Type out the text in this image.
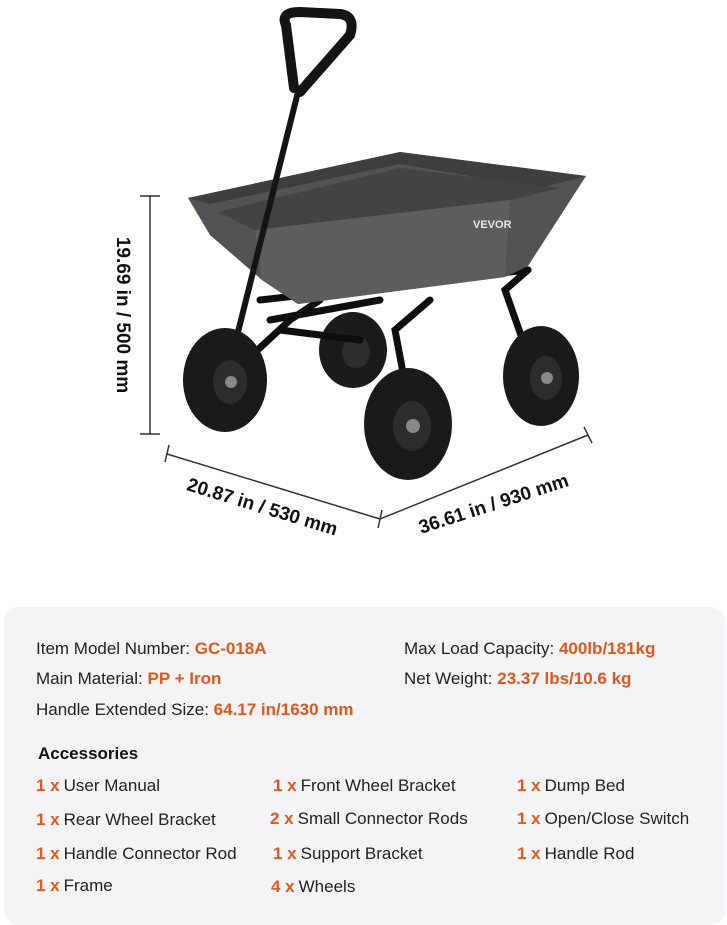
VEVOR
19.69 in / 500 mm
20.87 in / 530 mm	36.61 in / 930 mm
Item Model Number: GC-018A	Max Load Capacity: 400lb/181kg
Main Material: PP + Iron	Net Weight: 23.37 lbs/10.6 kg
Handle Extended Size: 64.17 in/1630 mm
Accessories
1 x User Manual	1 x Front Wheel Bracket	1 x Dump Bed
1 x Rear Wheel Bracket	2 x Small Connector Rods	1 x Open/Close Switch
1 x Handle Connector Rod 1 x Support Bracket	1 x Handle Rod
1 x Frame	4 x Wheels
